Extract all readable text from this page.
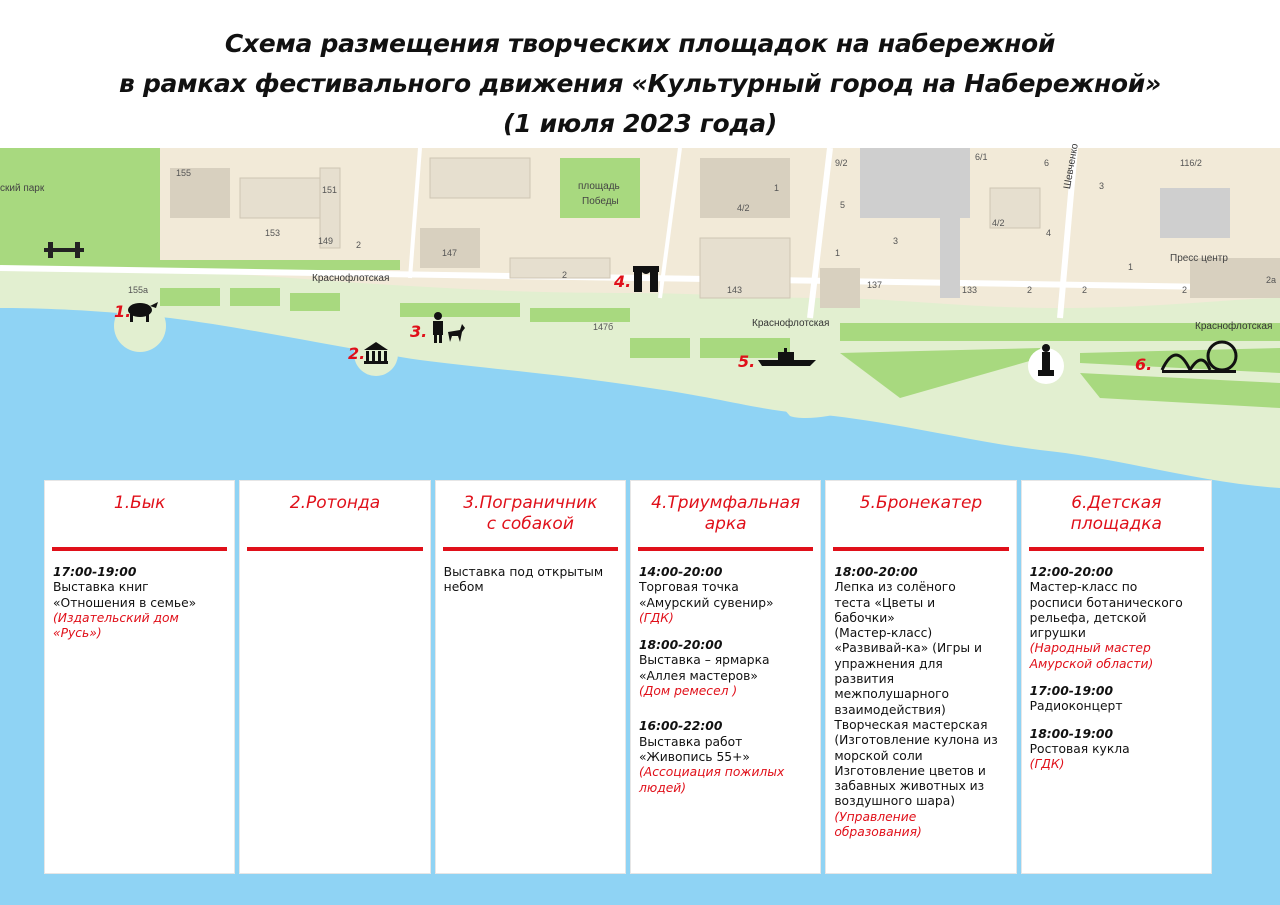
Схема размещения творческих площадок на набережной
в рамках фестивального движения «Культурный город на Набережной»
(1 июля 2023 года)
ский парк	площадь
Победы
Краснофлотская
Краснофлотская	Краснофлотская
Шевченко
Пресс центр
155
151
153
149	2
147
2
4/2
1
143	137	133	2
1
3
5
4/2
4
2
9/2
6/1
6	116/2
3
1
2
147б
155а
2а
1.
2.
3.
4.
5.	6.
1.Бык
17:00-19:00
Выставка книг
«Отношения в семье»
(Издательский дом
«Русь»)
2.Ротонда	3.Пограничник
с собакой
Выставка под открытым
небом
4.Триумфальная
арка
14:00-20:00
Торговая точка
«Амурский сувенир»
(ГДК)
18:00-20:00
Выставка – ярмарка
«Аллея мастеров»
(Дом ремесел )
16:00-22:00
Выставка работ
«Живопись 55+»
(Ассоциация пожилых
людей)
5.Бронекатер
18:00-20:00
Лепка из солёного
теста «Цветы и
бабочки»
(Мастер-класс)
«Развивай-ка» (Игры и
упражнения для
развития
межполушарного
взаимодействия)
Творческая мастерская
(Изготовление кулона из
морской соли
Изготовление цветов и
забавных животных из
воздушного шара)
(Управление
образования)
6.Детская
площадка
12:00-20:00
Мастер-класс по
росписи ботанического
рельефа, детской
игрушки
(Народный мастер
Амурской области)
17:00-19:00
Радиоконцерт
18:00-19:00
Ростовая кукла
(ГДК)
